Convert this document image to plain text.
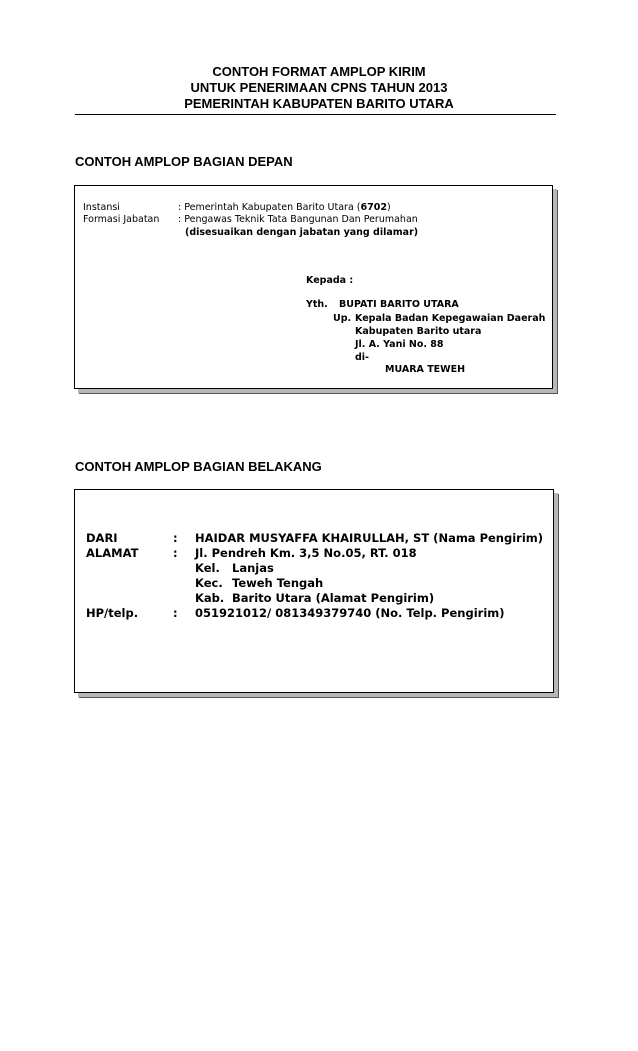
CONTOH FORMAT AMPLOP KIRIM
UNTUK PENERIMAAN CPNS TAHUN 2013
PEMERINTAH KABUPATEN BARITO UTARA
CONTOH AMPLOP BAGIAN DEPAN
Instansi	: Pemerintah Kabupaten Barito Utara (6702)
Formasi Jabatan : Pengawas Teknik Tata Bangunan Dan Perumahan
(disesuaikan dengan jabatan yang dilamar)
Kepada :
Yth. BUPATI BARITO UTARA
Up. Kepala Badan Kepegawaian Daerah
Kabupaten Barito utara
Jl. A. Yani No. 88
di-
MUARA TEWEH
CONTOH AMPLOP BAGIAN BELAKANG
DARI	: HAIDAR MUSYAFFA KHAIRULLAH, ST (Nama Pengirim)
ALAMAT	: Jl. Pendreh Km. 3,5 No.05, RT. 018
Kel. Lanjas
Kec. Teweh Tengah
Kab. Barito Utara (Alamat Pengirim)
HP/telp.	: 051921012/ 081349379740 (No. Telp. Pengirim)
